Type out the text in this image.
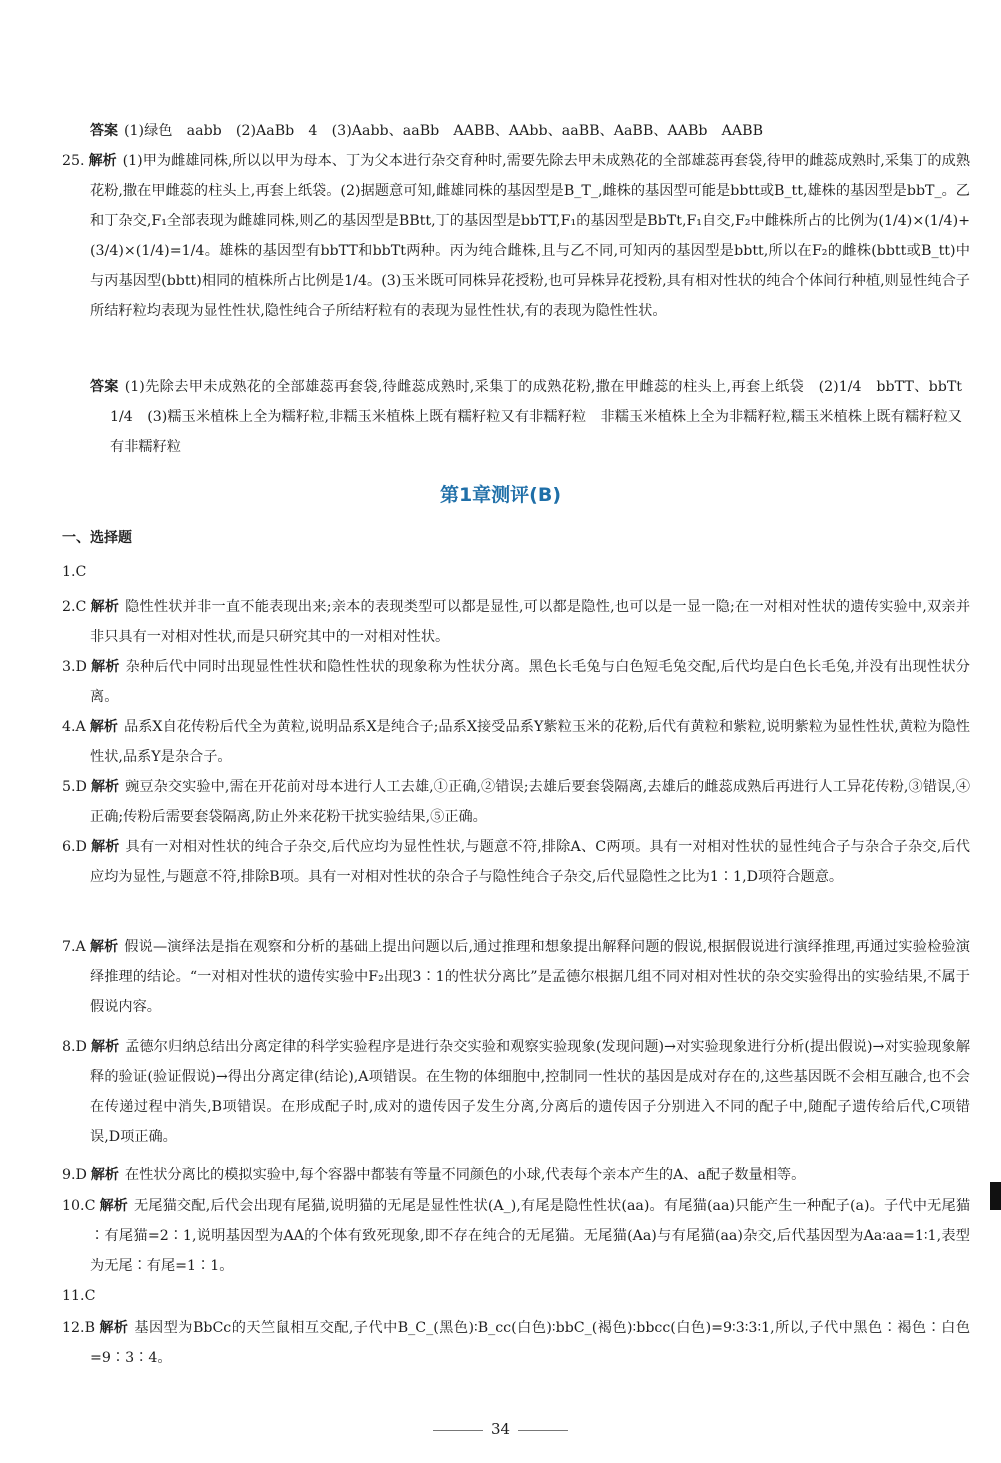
答案 (1)绿色　aabb　(2)AaBb　4　(3)Aabb、aaBb　AABB、AAbb、aaBB、AaBB、AABb　AABB
25. 解析 (1)甲为雌雄同株,所以以甲为母本、丁为父本进行杂交育种时,需要先除去甲未成熟花的全部雄蕊再套袋,待甲的雌蕊成熟时,采集丁的成熟花粉,撒在甲雌蕊的柱头上,再套上纸袋。(2)据题意可知,雌雄同株的基因型是B_T_,雌株的基因型可能是bbtt或B_tt,雄株的基因型是bbT_。乙和丁杂交,F₁全部表现为雌雄同株,则乙的基因型是BBtt,丁的基因型是bbTT,F₁的基因型是BbTt,F₁自交,F₂中雌株所占的比例为(1/4)×(1/4)+(3/4)×(1/4)=1/4。雄株的基因型有bbTT和bbTt两种。丙为纯合雌株,且与乙不同,可知丙的基因型是bbtt,所以在F₂的雌株(bbtt或B_tt)中与丙基因型(bbtt)相同的植株所占比例是1/4。(3)玉米既可同株异花授粉,也可异株异花授粉,具有相对性状的纯合个体间行种植,则显性纯合子所结籽粒均表现为显性性状,隐性纯合子所结籽粒有的表现为显性性状,有的表现为隐性性状。
答案 (1)先除去甲未成熟花的全部雄蕊再套袋,待雌蕊成熟时,采集丁的成熟花粉,撒在甲雌蕊的柱头上,再套上纸袋　(2)1/4　bbTT、bbTt　1/4　(3)糯玉米植株上全为糯籽粒,非糯玉米植株上既有糯籽粒又有非糯籽粒　非糯玉米植株上全为非糯籽粒,糯玉米植株上既有糯籽粒又有非糯籽粒
第1章测评(B)
一、选择题
1.C
2.C 解析 隐性性状并非一直不能表现出来;亲本的表现类型可以都是显性,可以都是隐性,也可以是一显一隐;在一对相对性状的遗传实验中,双亲并非只具有一对相对性状,而是只研究其中的一对相对性状。
3.D 解析 杂种后代中同时出现显性性状和隐性性状的现象称为性状分离。黑色长毛兔与白色短毛兔交配,后代均是白色长毛兔,并没有出现性状分离。
4.A 解析 品系X自花传粉后代全为黄粒,说明品系X是纯合子;品系X接受品系Y紫粒玉米的花粉,后代有黄粒和紫粒,说明紫粒为显性性状,黄粒为隐性性状,品系Y是杂合子。
5.D 解析 豌豆杂交实验中,需在开花前对母本进行人工去雄,①正确,②错误;去雄后要套袋隔离,去雄后的雌蕊成熟后再进行人工异花传粉,③错误,④正确;传粉后需要套袋隔离,防止外来花粉干扰实验结果,⑤正确。
6.D 解析 具有一对相对性状的纯合子杂交,后代应均为显性性状,与题意不符,排除A、C两项。具有一对相对性状的显性纯合子与杂合子杂交,后代应均为显性,与题意不符,排除B项。具有一对相对性状的杂合子与隐性纯合子杂交,后代显隐性之比为1∶1,D项符合题意。
7.A 解析 假说—演绎法是指在观察和分析的基础上提出问题以后,通过推理和想象提出解释问题的假说,根据假说进行演绎推理,再通过实验检验演绎推理的结论。“一对相对性状的遗传实验中F₂出现3∶1的性状分离比”是孟德尔根据几组不同对相对性状的杂交实验得出的实验结果,不属于假说内容。
8.D 解析 孟德尔归纳总结出分离定律的科学实验程序是进行杂交实验和观察实验现象(发现问题)→对实验现象进行分析(提出假说)→对实验现象解释的验证(验证假说)→得出分离定律(结论),A项错误。在生物的体细胞中,控制同一性状的基因是成对存在的,这些基因既不会相互融合,也不会在传递过程中消失,B项错误。在形成配子时,成对的遗传因子发生分离,分离后的遗传因子分别进入不同的配子中,随配子遗传给后代,C项错误,D项正确。
9.D 解析 在性状分离比的模拟实验中,每个容器中都装有等量不同颜色的小球,代表每个亲本产生的A、a配子数量相等。
10.C 解析 无尾猫交配,后代会出现有尾猫,说明猫的无尾是显性性状(A_),有尾是隐性性状(aa)。有尾猫(aa)只能产生一种配子(a)。子代中无尾猫∶有尾猫=2∶1,说明基因型为AA的个体有致死现象,即不存在纯合的无尾猫。无尾猫(Aa)与有尾猫(aa)杂交,后代基因型为Aa∶aa=1∶1,表型为无尾∶有尾=1∶1。
11.C
12.B 解析 基因型为BbCc的天竺鼠相互交配,子代中B_C_(黑色)∶B_cc(白色)∶bbC_(褐色)∶bbcc(白色)=9∶3∶3∶1,所以,子代中黑色∶褐色∶白色=9∶3∶4。
34
